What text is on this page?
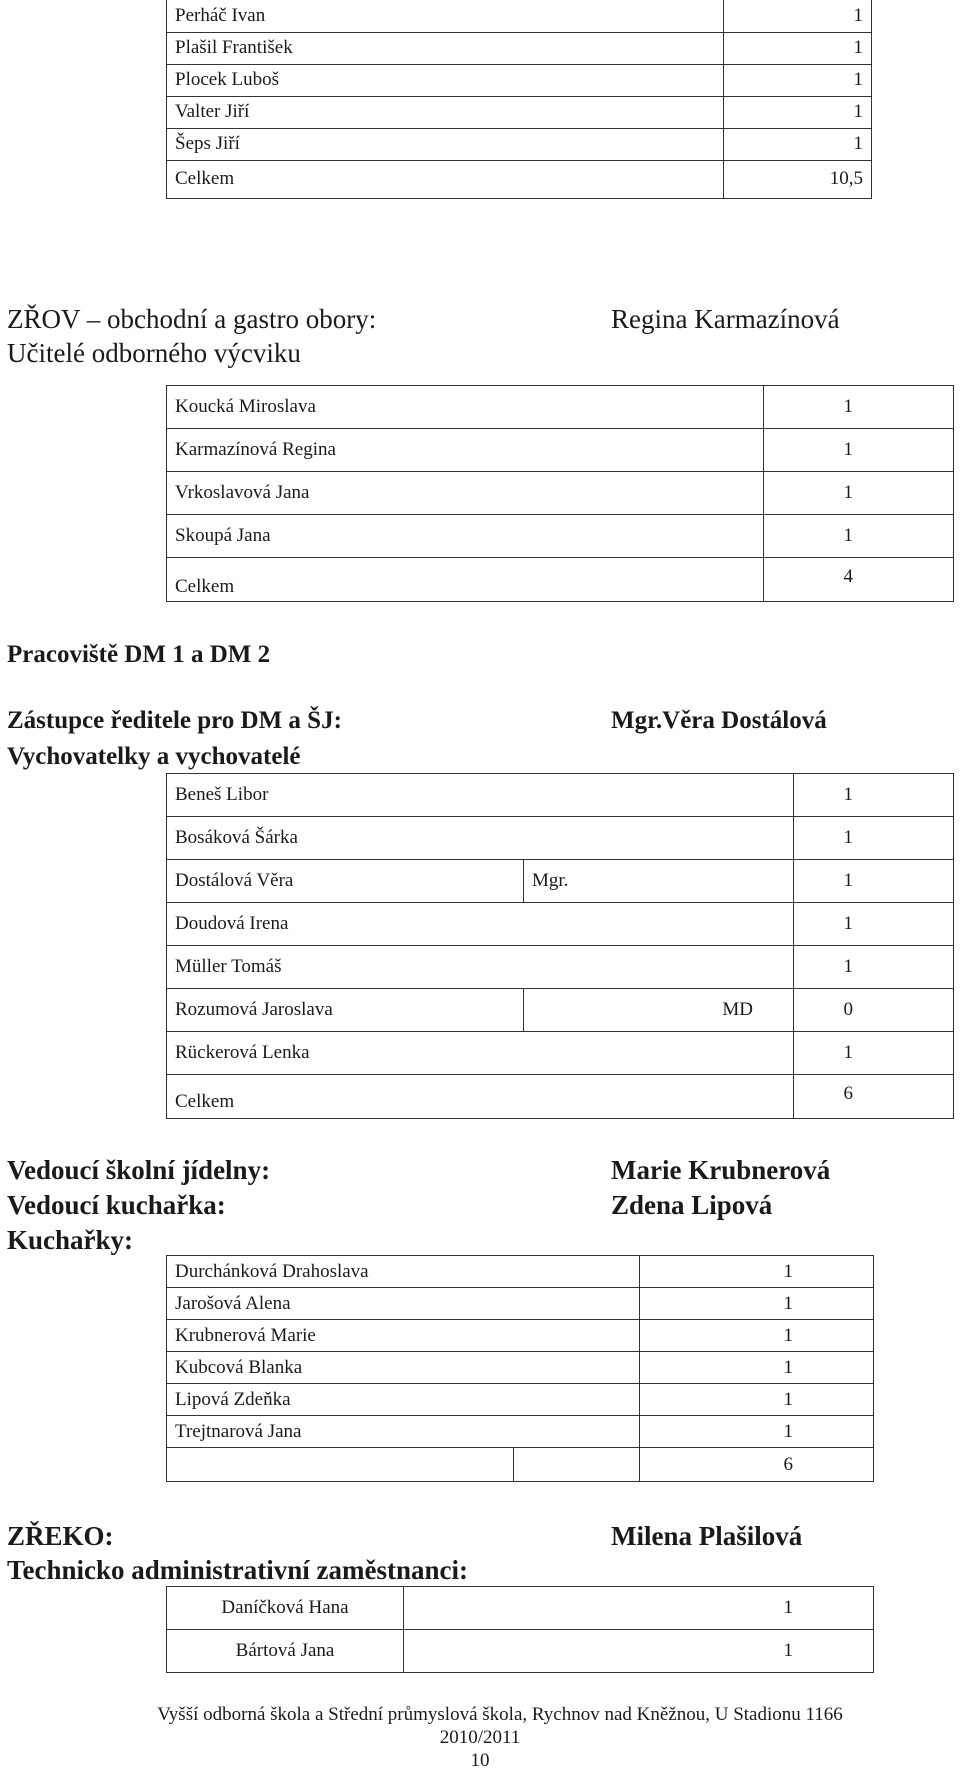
Perháč Ivan	1
Plašil František	1
Plocek Luboš	1
Valter Jiří	1
Šeps Jiří	1
Celkem	10,5
ZŘOV – obchodní a gastro obory:
Učitelé odborného výcviku
Regina Karmazínová
Koucká Miroslava	1
Karmazínová Regina	1
Vrkoslavová Jana	1
Skoupá Jana	1
Celkem	4
Pracoviště DM 1 a DM 2
Zástupce ředitele pro DM a ŠJ:	Mgr.Věra Dostálová
Vychovatelky a vychovatelé
Beneš Libor		1
Bosáková Šárka		1
Dostálová Věra	Mgr.	1
Doudová Irena		1
Müller Tomáš		1
Rozumová Jaroslava	MD	0
Rückerová Lenka		1
Celkem		6
Vedoucí školní jídelny:	Marie Krubnerová
Vedoucí kuchařka:	Zdena Lipová
Kuchařky:
Durchánková Drahoslava		1
Jarošová Alena		1
Krubnerová Marie		1
Kubcová Blanka		1
Lipová Zdeňka		1
Trejtnarová Jana		1
		6
ZŘEKO:	Milena Plašilová
Technicko administrativní zaměstnanci:
Daníčková Hana	1
Bártová Jana	1
Vyšší odborná škola a Střední průmyslová škola, Rychnov nad Kněžnou, U Stadionu 1166
2010/2011
10
